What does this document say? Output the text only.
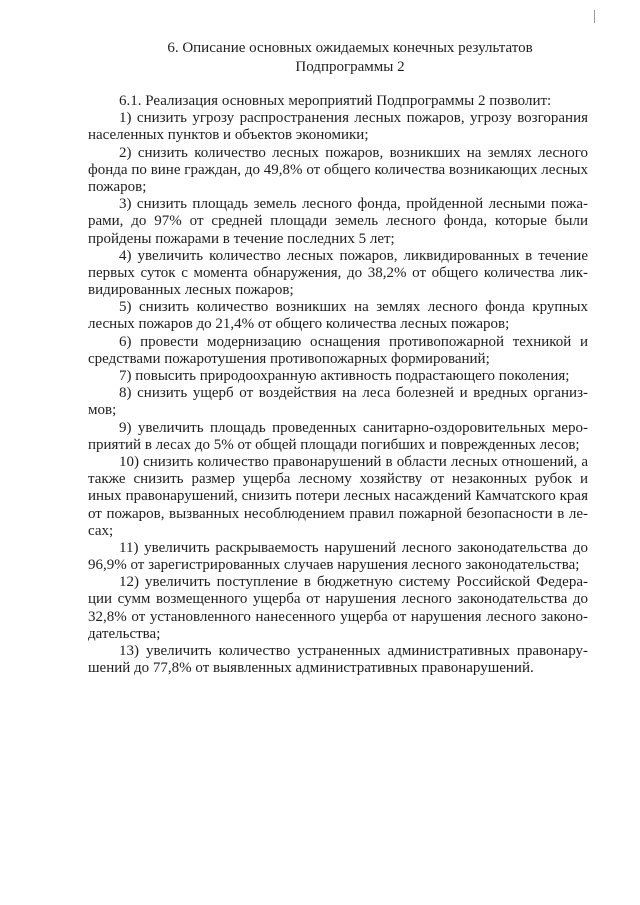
6. Описание основных ожидаемых конечных результатов
Подпрограммы 2
6.1. Реализация основных мероприятий Подпрограммы 2 позволит:
1) снизить угрозу распространения лесных пожаров, угрозу возгорания
населенных пунктов и объектов экономики;
2) снизить количество лесных пожаров, возникших на землях лесного
фонда по вине граждан, до 49,8% от общего количества возникающих лесных
пожаров;
3) снизить площадь земель лесного фонда, пройденной лесными пожа-
рами, до 97% от средней площади земель лесного фонда, которые были
пройдены пожарами в течение последних 5 лет;
4) увеличить количество лесных пожаров, ликвидированных в течение
первых суток с момента обнаружения, до 38,2% от общего количества лик-
видированных лесных пожаров;
5) снизить количество возникших на землях лесного фонда крупных
лесных пожаров до 21,4% от общего количества лесных пожаров;
6) провести модернизацию оснащения противопожарной техникой и
средствами пожаротушения противопожарных формирований;
7) повысить природоохранную активность подрастающего поколения;
8) снизить ущерб от воздействия на леса болезней и вредных организ-
мов;
9) увеличить площадь проведенных санитарно-оздоровительных меро-
приятий в лесах до 5% от общей площади погибших и поврежденных лесов;
10) снизить количество правонарушений в области лесных отношений, а
также снизить размер ущерба лесному хозяйству от незаконных рубок и
иных правонарушений, снизить потери лесных насаждений Камчатского края
от пожаров, вызванных несоблюдением правил пожарной безопасности в ле-
сах;
11) увеличить раскрываемость нарушений лесного законодательства до
96,9% от зарегистрированных случаев нарушения лесного законодательства;
12) увеличить поступление в бюджетную систему Российской Федера-
ции сумм возмещенного ущерба от нарушения лесного законодательства до
32,8% от установленного нанесенного ущерба от нарушения лесного законо-
дательства;
13) увеличить количество устраненных административных правонару-
шений до 77,8% от выявленных административных правонарушений.
